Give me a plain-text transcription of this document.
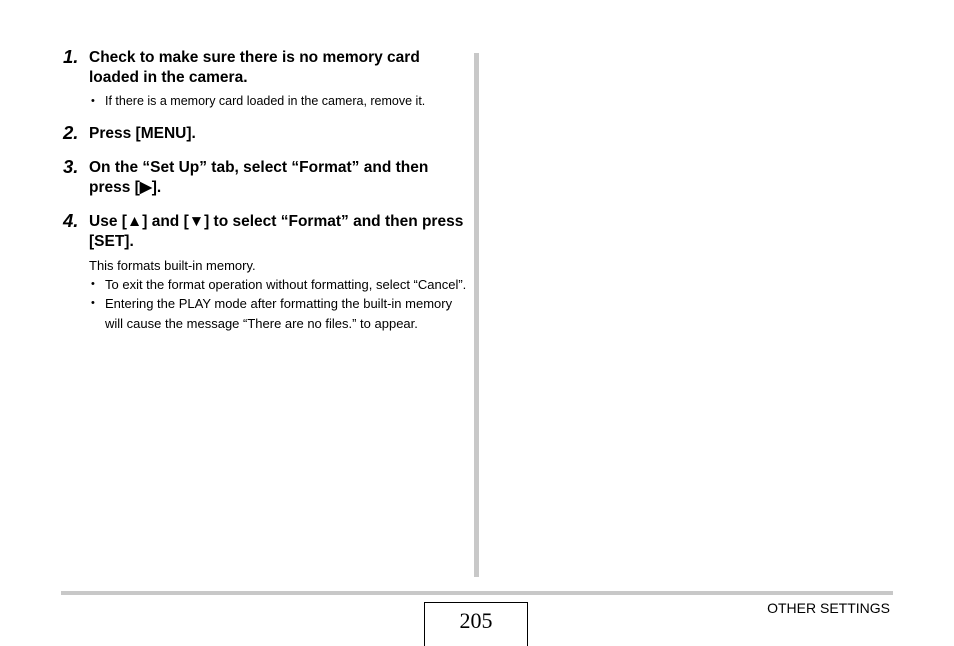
1. Check to make sure there is no memory card loaded in the camera.
• If there is a memory card loaded in the camera, remove it.
2. Press [MENU].
3. On the “Set Up” tab, select “Format” and then press [▶].
4. Use [▲] and [▼] to select “Format” and then press [SET].
This formats built-in memory.
• To exit the format operation without formatting, select “Cancel”.
• Entering the PLAY mode after formatting the built-in memory will cause the message “There are no files.” to appear.
205	OTHER SETTINGS
